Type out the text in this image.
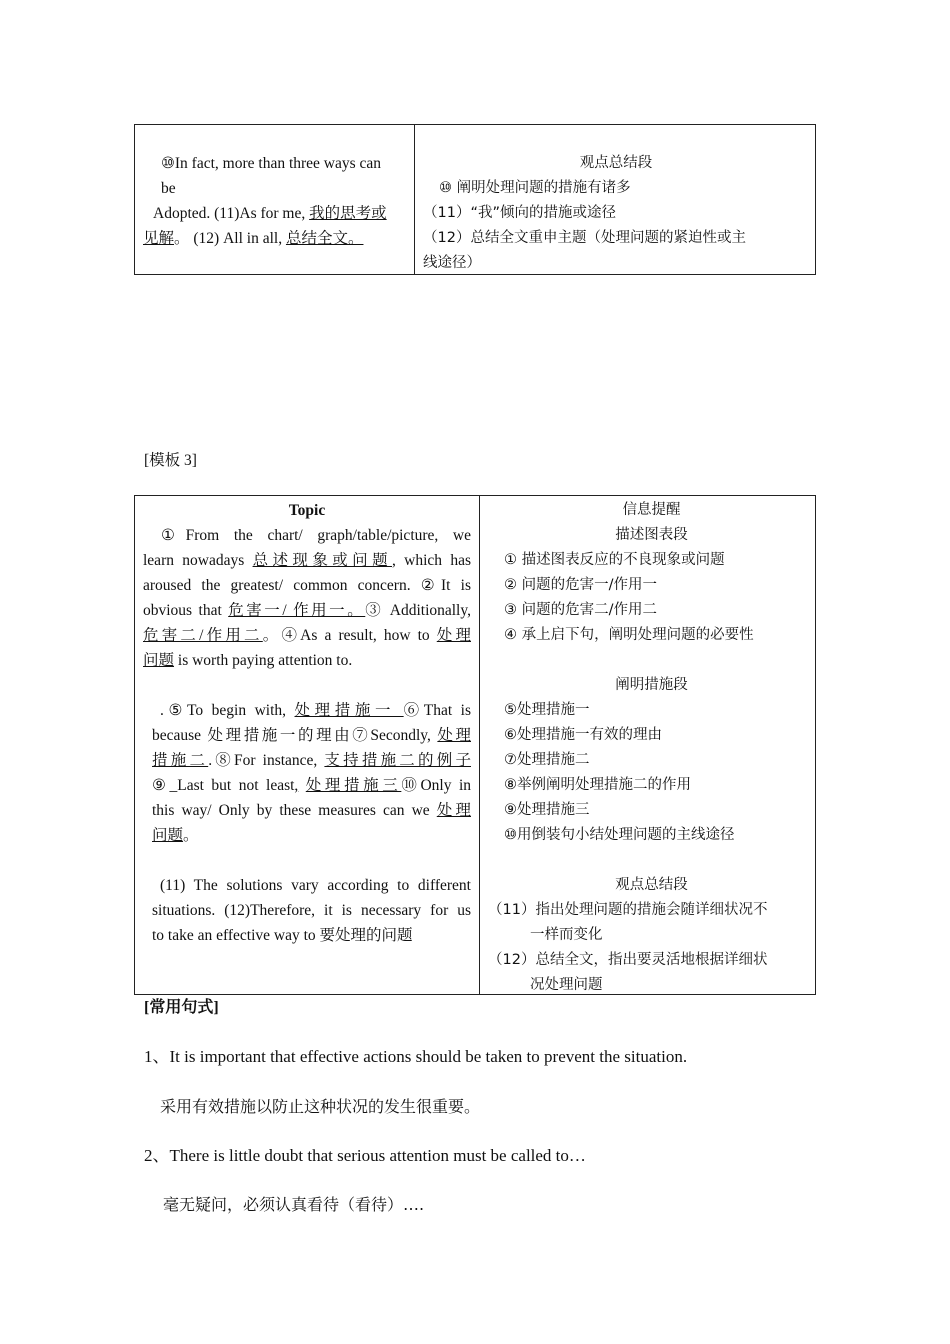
⑩In fact, more than three ways can
be
Adopted. (11)As for me, 我的思考或
见解。 (12) All in all, 总结全文。
观点总结段
⑩ 阐明处理问题的措施有诸多
（11）“我”倾向的措施或途径
（12）总结全文重申主题（处理问题的紧迫性或主
线途径）
[模板 3]
Topic
①From the chart/ graph/table/picture, we
learn nowadays 总述现象或问题, which has
aroused the greatest/ common concern. ②It is
obvious that 危害一/ 作用一。③ Additionally,
危害二/作用二。④As a result, how to 处理
问题 is worth paying attention to.

.⑤To begin with, 处理措施一 ⑥That is
because 处理措施一的理由⑦Secondly, 处理
措施二.⑧For instance, 支持措施二的例子
⑨_Last but not least, 处理措施三⑩Only in
this way/ Only by these measures can we 处理
问题。

(11) The solutions vary according to different
situations. (12)Therefore, it is necessary for us
to take an effective way to 要处理的问题
信息提醒
描述图表段
① 描述图表反应的不良现象或问题
② 问题的危害一/作用一
③ 问题的危害二/作用二
④ 承上启下句，阐明处理问题的必要性

阐明措施段
⑤处理措施一
⑥处理措施一有效的理由
⑦处理措施二
⑧举例阐明处理措施二的作用
⑨处理措施三
⑩用倒装句小结处理问题的主线途径

观点总结段
（11）指出处理问题的措施会随详细状况不
一样而变化
（12）总结全文，指出要灵活地根据详细状
况处理问题
[常用句式]
1、It is important that effective actions should be taken to prevent the situation.
采用有效措施以防止这种状况的发生很重要。
2、There is little doubt that serious attention must be called to…
毫无疑问，必须认真看待（看待）….
